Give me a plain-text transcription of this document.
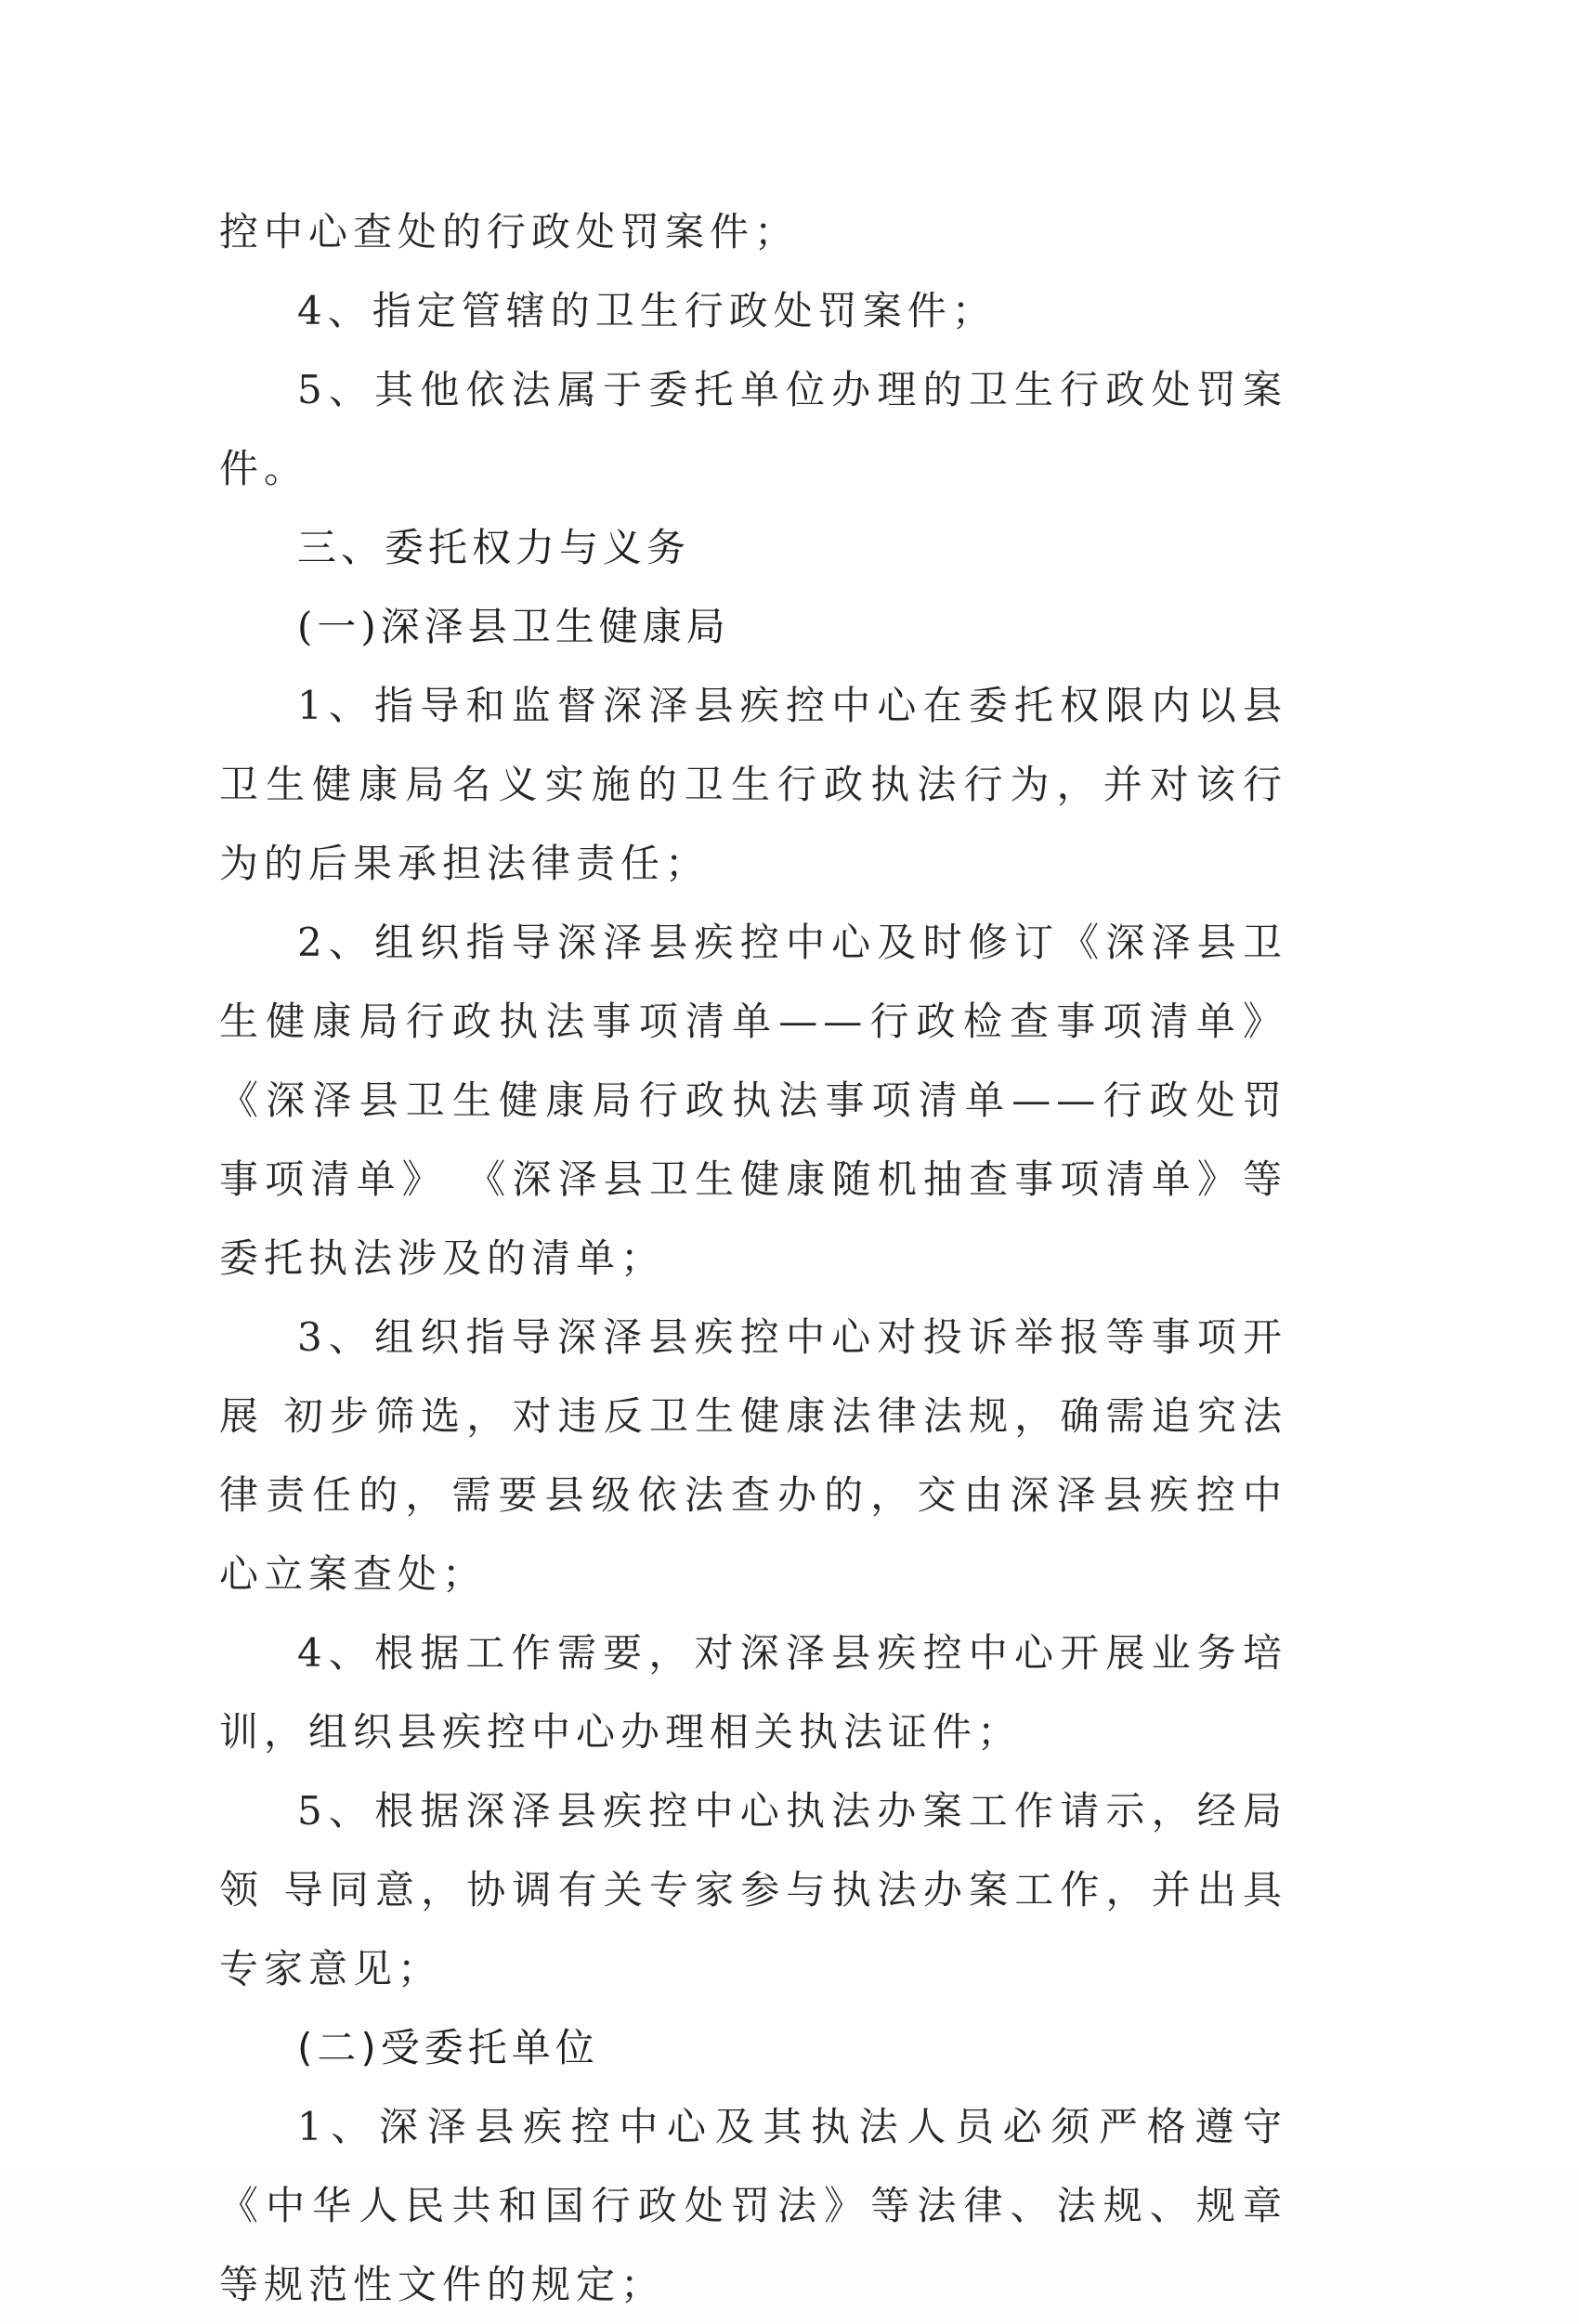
控中心查处的行政处罚案件；

4、指定管辖的卫生行政处罚案件；

5、其他依法属于委托单位办理的卫生行政处罚案件。

三、委托权力与义务

(一)深泽县卫生健康局

1、指导和监督深泽县疾控中心在委托权限内以县卫生健康局名义实施的卫生行政执法行为，并对该行为的后果承担法律责任；

2、组织指导深泽县疾控中心及时修订《深泽县卫生健康局行政执法事项清单——行政检查事项清单》《深泽县卫生健康局行政执法事项清单——行政处罚事项清单》 《深泽县卫生健康随机抽查事项清单》等委托执法涉及的清单；

3、组织指导深泽县疾控中心对投诉举报等事项开展 初步筛选，对违反卫生健康法律法规，确需追究法律责任的，需要县级依法查办的，交由深泽县疾控中心立案查处；

4、根据工作需要，对深泽县疾控中心开展业务培训，组织县疾控中心办理相关执法证件；

5、根据深泽县疾控中心执法办案工作请示，经局领 导同意，协调有关专家参与执法办案工作，并出具专家意见；

(二)受委托单位

1、深泽县疾控中心及其执法人员必须严格遵守《中华人民共和国行政处罚法》等法律、法规、规章等规范性文件的规定；
